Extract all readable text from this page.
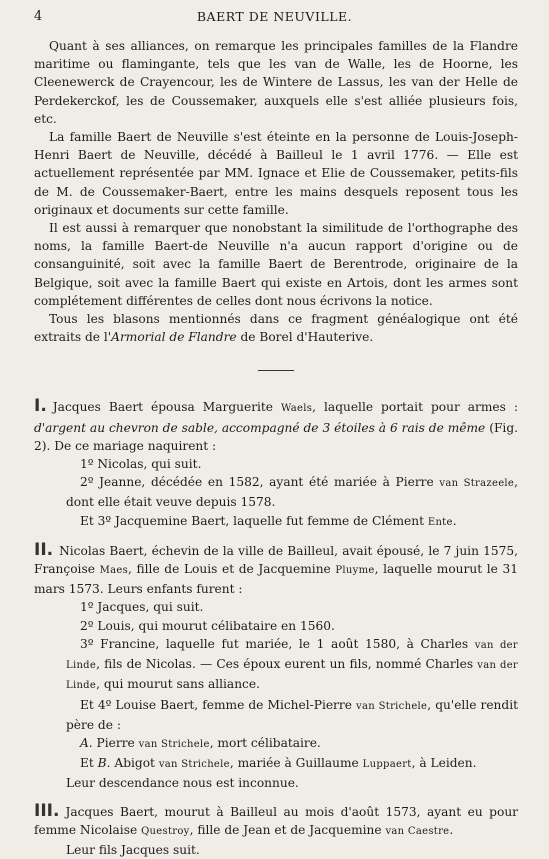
4	BAERT DE NEUVILLE.

Quant à ses alliances, on remarque les principales familles de la Flandre maritime ou flamingante, tels que les van de Walle, les de Hoorne, les Cleenewerck de Crayencour, les de Wintere de Lassus, les van der Helle de Perdekerckof, les de Coussemaker, auxquels elle s'est alliée plusieurs fois, etc.

La famille Baert de Neuville s'est éteinte en la personne de Louis-Joseph-Henri Baert de Neuville, décédé à Bailleul le 1 avril 1776. — Elle est actuellement représentée par MM. Ignace et Elie de Coussemaker, petits-fils de M. de Coussemaker-Baert, entre les mains desquels reposent tous les originaux et documents sur cette famille.

Il est aussi à remarquer que nonobstant la similitude de l'orthographe des noms, la famille Baert-de Neuville n'a aucun rapport d'origine ou de consanguinité, soit avec la famille Baert de Berentrode, originaire de la Belgique, soit avec la famille Baert qui existe en Artois, dont les armes sont complétement différentes de celles dont nous écrivons la notice.

Tous les blasons mentionnés dans ce fragment généalogique ont été extraits de l'Armorial de Flandre de Borel d'Hauterive.

I. Jacques Baert épousa Marguerite Waels, laquelle portait pour armes : d'argent au chevron de sable, accompagné de 3 étoiles à 6 rais de même (Fig. 2). De ce mariage naquirent :
1º Nicolas, qui suit.
2º Jeanne, décédée en 1582, ayant été mariée à Pierre van Strazeele, dont elle était veuve depuis 1578.
Et 3º Jacquemine Baert, laquelle fut femme de Clément Ente.
II. Nicolas Baert, échevin de la ville de Bailleul, avait épousé, le 7 juin 1575, Françoise Maes, fille de Louis et de Jacquemine Pluyme, laquelle mourut le 31 mars 1573. Leurs enfants furent :
1º Jacques, qui suit.
2º Louis, qui mourut célibataire en 1560.
3º Francine, laquelle fut mariée, le 1 août 1580, à Charles van der Linde, fils de Nicolas. — Ces époux eurent un fils, nommé Charles van der Linde, qui mourut sans alliance.
Et 4º Louise Baert, femme de Michel-Pierre van Strichele, qu'elle rendit père de :
A. Pierre van Strichele, mort célibataire.
Et B. Abigot van Strichele, mariée à Guillaume Luppaert, à Leiden.
Leur descendance nous est inconnue.
III. Jacques Baert, mourut à Bailleul au mois d'août 1573, ayant eu pour femme Nicolaise Questroy, fille de Jean et de Jacquemine van Caestre.
Leur fils Jacques suit.
